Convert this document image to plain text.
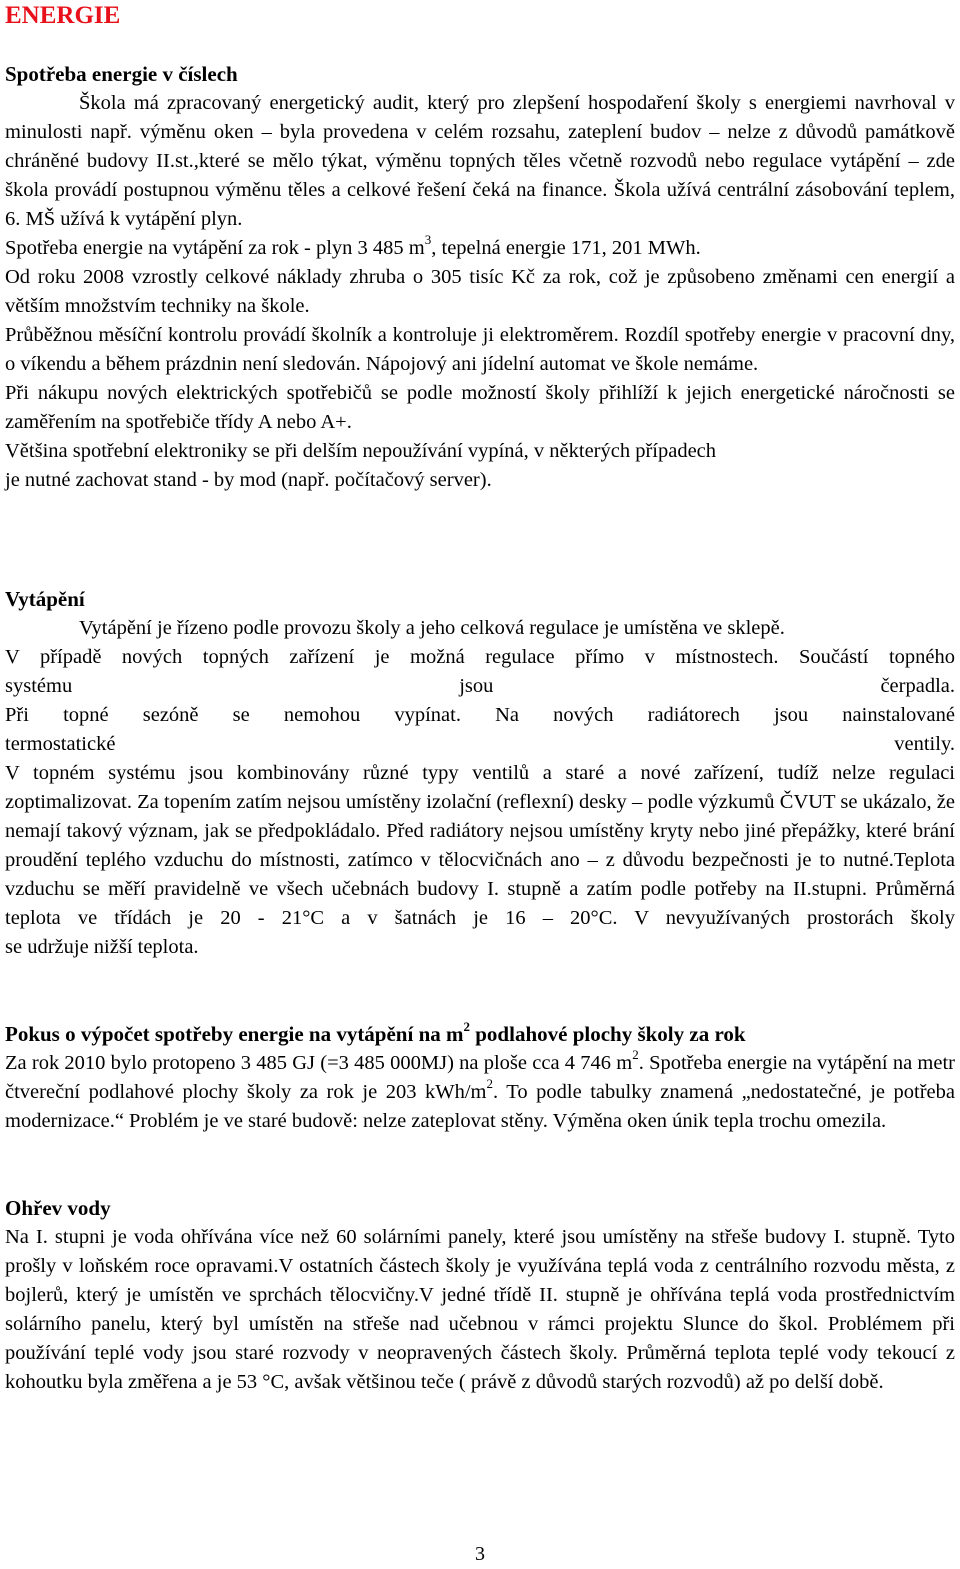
ENERGIE

Spotřeba energie v číslech

Škola má zpracovaný energetický audit, který pro zlepšení hospodaření školy s energiemi navrhoval v minulosti např. výměnu oken – byla provedena v celém rozsahu, zateplení budov – nelze z důvodů památkově chráněné budovy II.st.,které se mělo týkat, výměnu topných těles včetně rozvodů nebo regulace vytápění – zde škola provádí postupnou výměnu těles a celkové řešení čeká na finance. Škola užívá centrální zásobování teplem, 6. MŠ užívá k vytápění plyn.

Spotřeba energie na vytápění za rok - plyn 3 485 $m^3$, tepelná energie 171, 201 MWh.

Od roku 2008 vzrostly celkové náklady zhruba o 305 tisíc Kč za rok, což je způsobeno změnami cen energií a větším množstvím techniky na škole.

Průběžnou měsíční kontrolu provádí školník a kontroluje ji elektroměrem. Rozdíl spotřeby energie v pracovní dny, o víkendu a během prázdnin není sledován. Nápojový ani jídelní automat ve škole nemáme.

Při nákupu nových elektrických spotřebičů se podle možností školy přihlíží k jejich energetické náročnosti se zaměřením na spotřebiče třídy A nebo A+.

Většina spotřební elektroniky se při delším nepoužívání vypíná, v některých případech

je nutné zachovat stand - by mod (např. počítačový server).

Vytápění

Vytápění je řízeno podle provozu školy a jeho celková regulace je umístěna ve sklepě.

V případě nových topných zařízení je možná regulace přímo v místnostech. Součástí topného

systému jsou čerpadla.

Při topné sezóně se nemohou vypínat. Na nových radiátorech jsou nainstalované

termostatické ventily.

V topném systému jsou kombinovány různé typy ventilů a staré a nové zařízení, tudíž nelze regulaci zoptimalizovat. Za topením zatím nejsou umístěny izolační (reflexní) desky – podle výzkumů ČVUT se ukázalo, že nemají takový význam, jak se předpokládalo. Před radiátory nejsou umístěny kryty nebo jiné přepážky, které brání proudění teplého vzduchu do místnosti, zatímco v tělocvičnách ano – z důvodu bezpečnosti je to nutné.Teplota vzduchu se měří pravidelně ve všech učebnách budovy I. stupně a zatím podle potřeby na II.stupni. Průměrná teplota ve třídách je 20 - 21°C a v šatnách je 16 – 20°C. V nevyužívaných prostorách školy

se udržuje nižší teplota.

Pokus o výpočet spotřeby energie na vytápění na $m^2$ podlahové plochy školy za rok

Za rok 2010 bylo protopeno 3 485 GJ (=3 485 000MJ) na ploše cca 4 746 $m^2$. Spotřeba energie na vytápění na metr čtvereční podlahové plochy školy za rok je 203 kWh/$m^2$. To podle tabulky znamená „nedostatečné, je potřeba modernizace.“ Problém je ve staré budově: nelze zateplovat stěny. Výměna oken únik tepla trochu omezila.

Ohřev vody

Na I. stupni je voda ohřívána více než 60 solárními panely, které jsou umístěny na střeše budovy I. stupně. Tyto prošly v loňském roce opravami.V ostatních částech školy je využívána teplá voda z centrálního rozvodu města, z bojlerů, který je umístěn ve sprchách tělocvičny.V jedné třídě II. stupně je ohřívána teplá voda prostřednictvím solárního panelu, který byl umístěn na střeše nad učebnou v rámci projektu Slunce do škol. Problémem při používání teplé vody jsou staré rozvody v neopravených částech školy. Průměrná teplota teplé vody tekoucí z kohoutku byla změřena a je 53 °C, avšak většinou teče ( právě z důvodů starých rozvodů) až po delší době.

3
